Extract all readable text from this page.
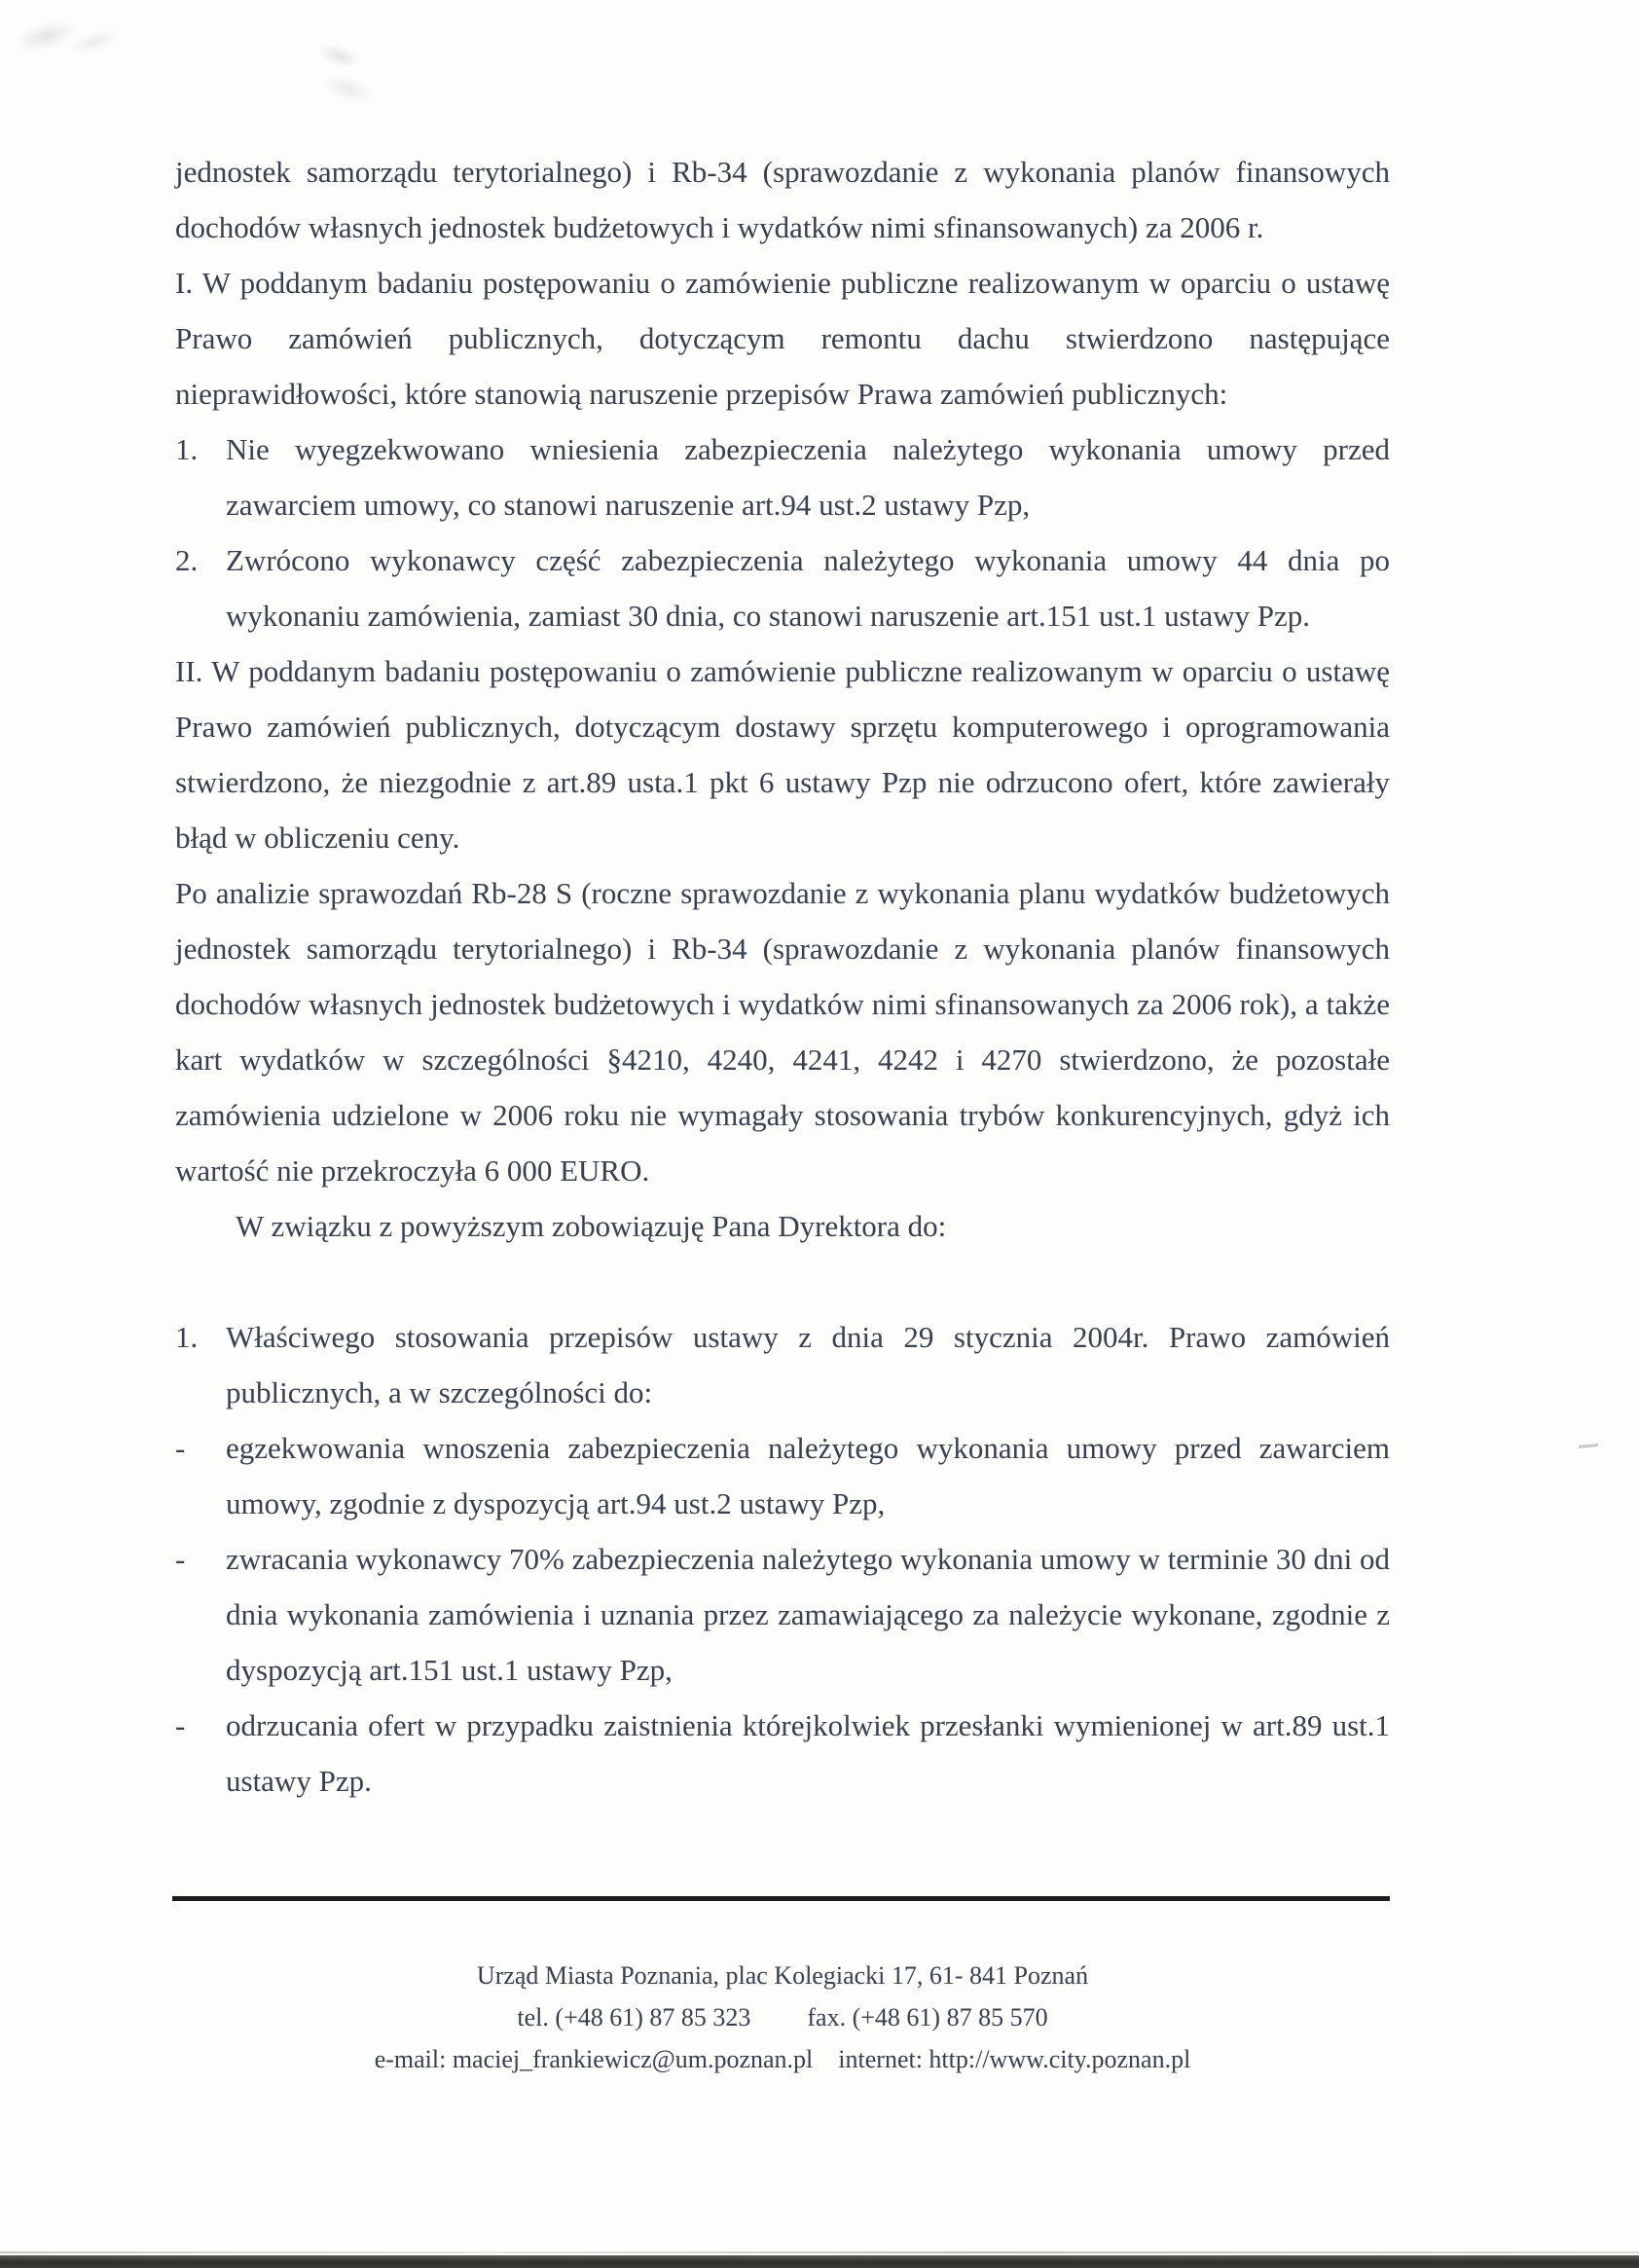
jednostek samorządu terytorialnego) i Rb-34 (sprawozdanie z wykonania planów finansowych dochodów własnych jednostek budżetowych i wydatków nimi sfinansowanych) za 2006 r.

I. W poddanym badaniu postępowaniu o zamówienie publiczne realizowanym w oparciu o ustawę Prawo zamówień publicznych, dotyczącym remontu dachu stwierdzono następujące nieprawidłowości, które stanowią naruszenie przepisów Prawa zamówień publicznych:

1. Nie wyegzekwowano wniesienia zabezpieczenia należytego wykonania umowy przed zawarciem umowy, co stanowi naruszenie art.94 ust.2 ustawy Pzp,
2. Zwrócono wykonawcy część zabezpieczenia należytego wykonania umowy 44 dnia po wykonaniu zamówienia, zamiast 30 dnia, co stanowi naruszenie art.151 ust.1 ustawy Pzp.

II. W poddanym badaniu postępowaniu o zamówienie publiczne realizowanym w oparciu o ustawę Prawo zamówień publicznych, dotyczącym dostawy sprzętu komputerowego i oprogramowania stwierdzono, że niezgodnie z art.89 usta.1 pkt 6 ustawy Pzp nie odrzucono ofert, które zawierały błąd w obliczeniu ceny.

Po analizie sprawozdań Rb-28 S (roczne sprawozdanie z wykonania planu wydatków budżetowych jednostek samorządu terytorialnego) i Rb-34 (sprawozdanie z wykonania planów finansowych dochodów własnych jednostek budżetowych i wydatków nimi sfinansowanych za 2006 rok), a także kart wydatków w szczególności §4210, 4240, 4241, 4242 i 4270 stwierdzono, że pozostałe zamówienia udzielone w 2006 roku nie wymagały stosowania trybów konkurencyjnych, gdyż ich wartość nie przekroczyła 6 000 EURO.

W związku z powyższym zobowiązuję Pana Dyrektora do:

1. Właściwego stosowania przepisów ustawy z dnia 29 stycznia 2004r. Prawo zamówień publicznych, a w szczególności do:
-	egzekwowania wnoszenia zabezpieczenia należytego wykonania umowy przed zawarciem umowy, zgodnie z dyspozycją art.94 ust.2 ustawy Pzp,
-	zwracania wykonawcy 70% zabezpieczenia należytego wykonania umowy w terminie 30 dni od dnia wykonania zamówienia i uznania przez zamawiającego za należycie wykonane, zgodnie z dyspozycją art.151 ust.1 ustawy Pzp,
-	odrzucania ofert w przypadku zaistnienia którejkolwiek przesłanki wymienionej w art.89 ust.1 ustawy Pzp.
Urząd Miasta Poznania, plac Kolegiacki 17, 61- 841 Poznań
tel. (+48 61) 87 85 323 fax. (+48 61) 87 85 570
e-mail: maciej_frankiewicz@um.poznan.pl internet: http://www.city.poznan.pl
